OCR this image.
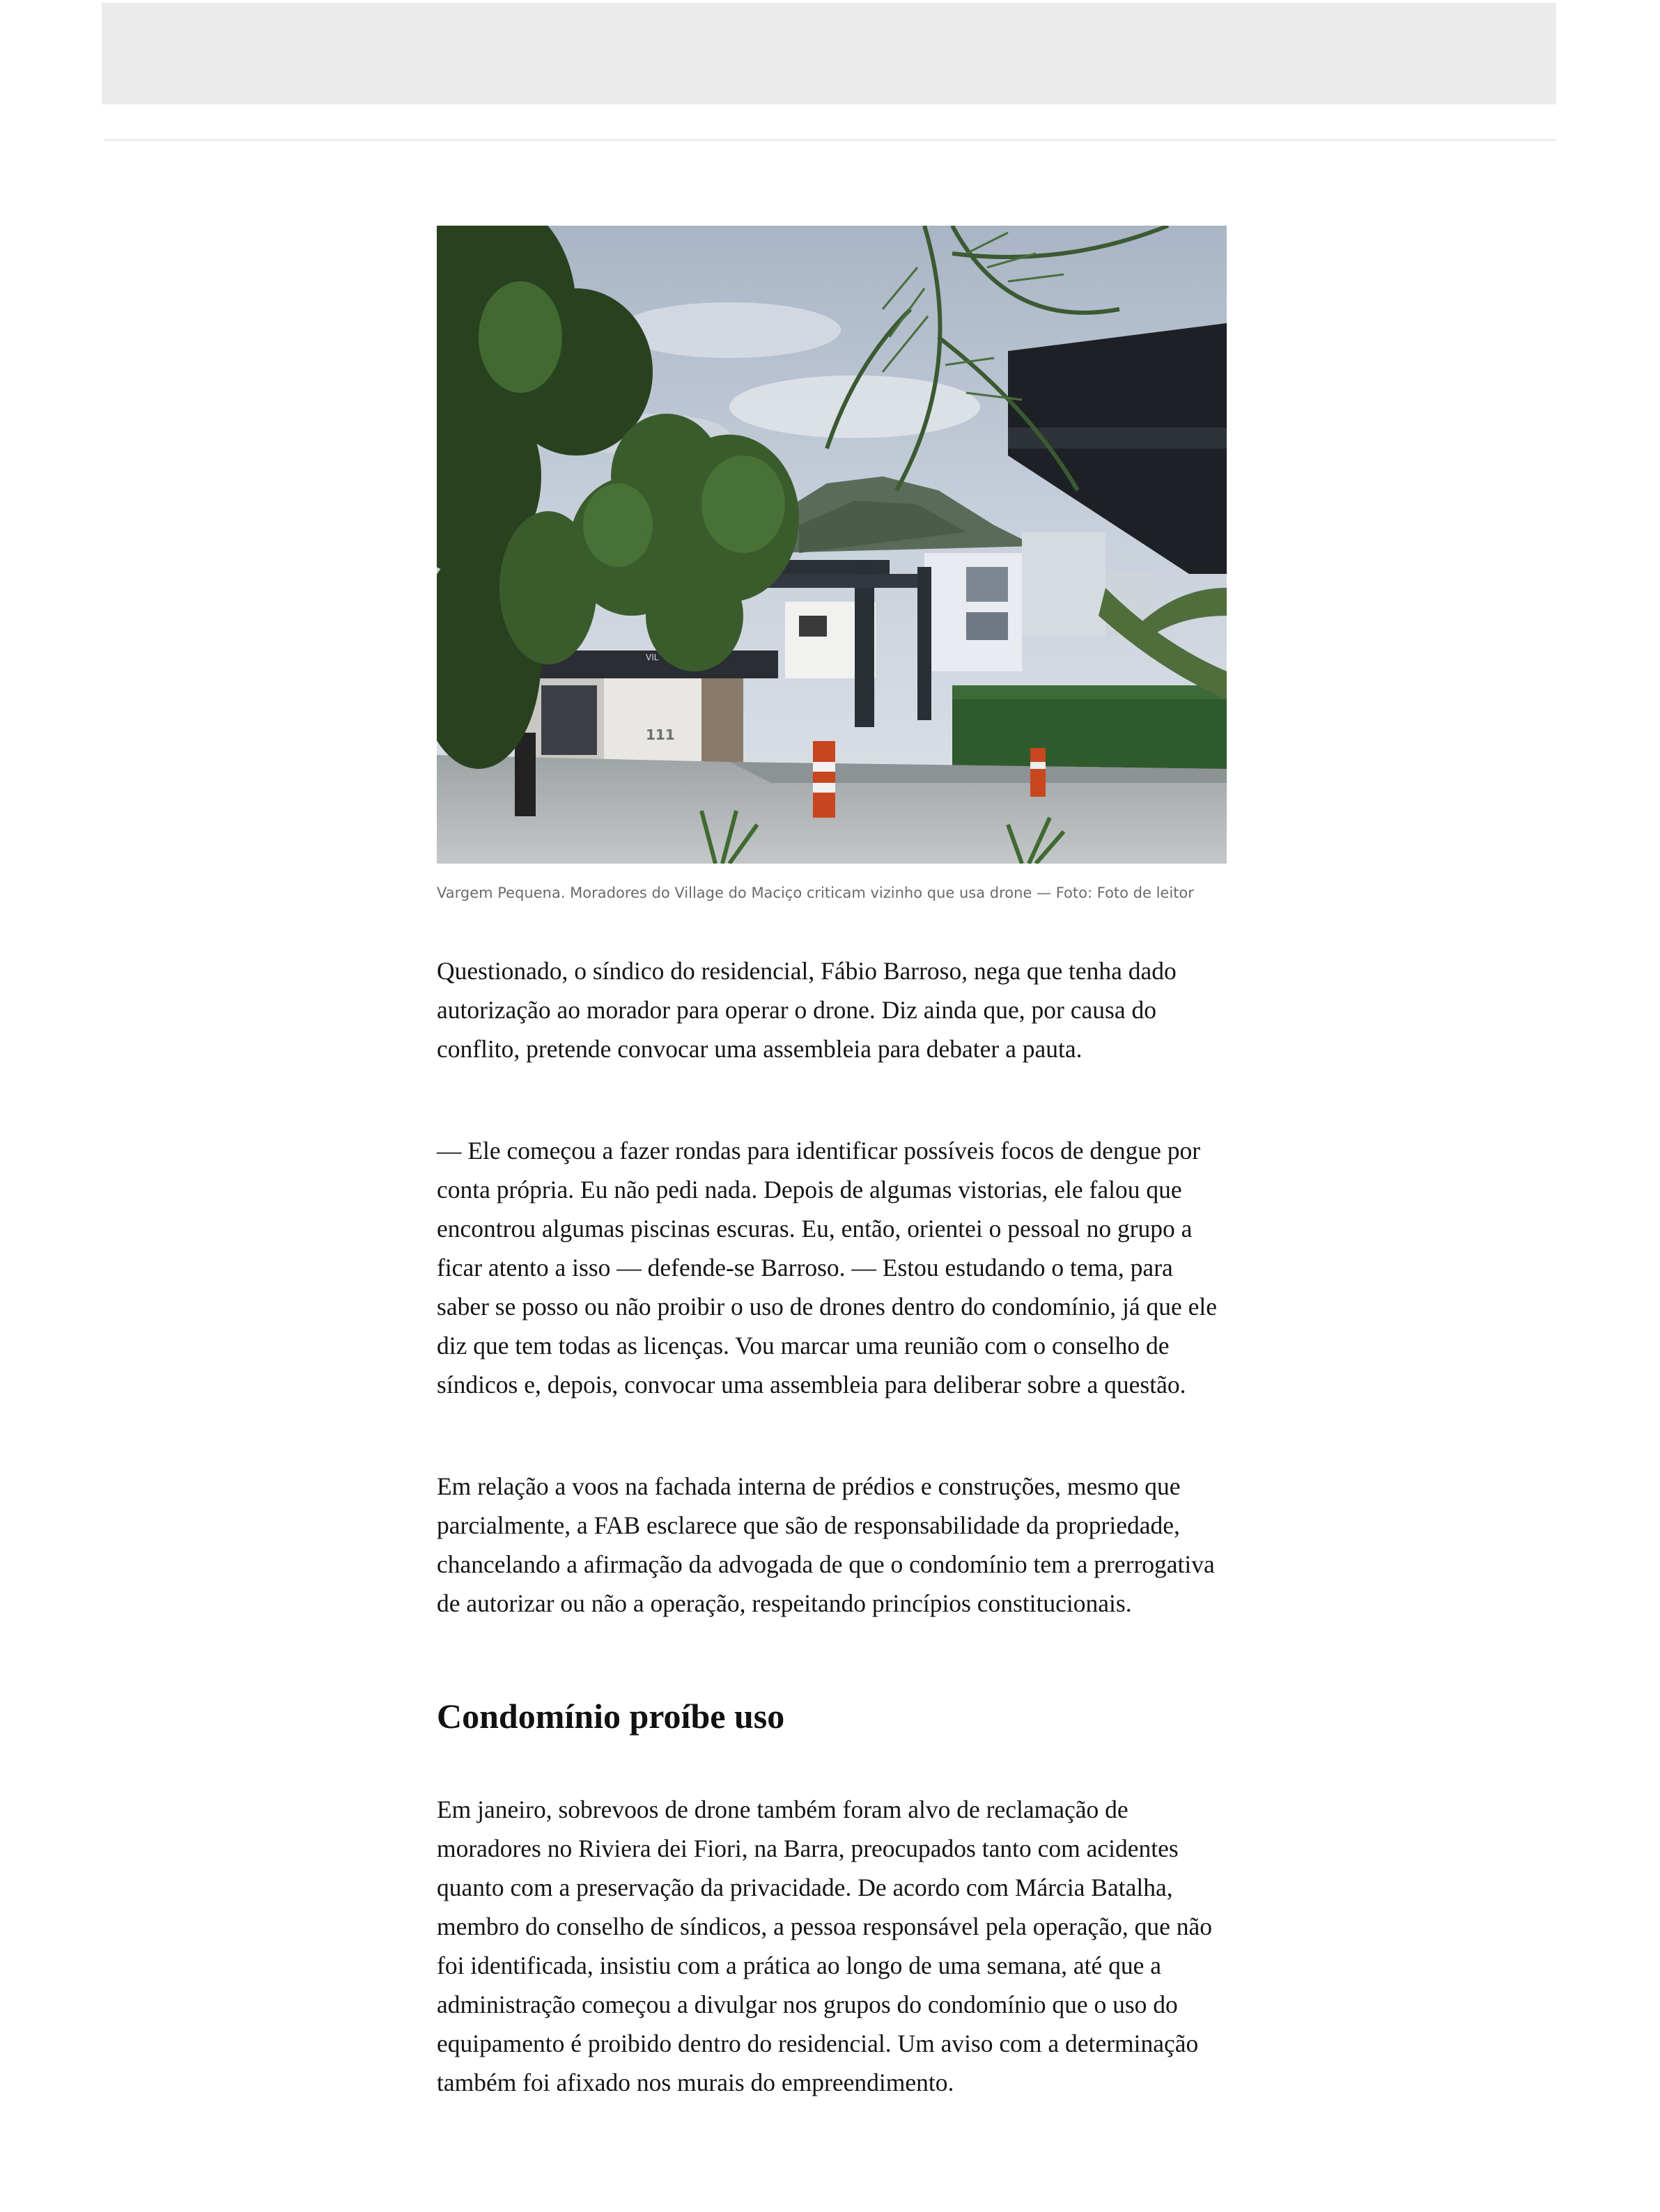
111
VIL
Vargem Pequena. Moradores do Village do Maciço criticam vizinho que usa drone — Foto: Foto de leitor

Questionado, o síndico do residencial, Fábio Barroso, nega que tenha dado autorização ao morador para operar o drone. Diz ainda que, por causa do conflito, pretende convocar uma assembleia para debater a pauta.

— Ele começou a fazer rondas para identificar possíveis focos de dengue por conta própria. Eu não pedi nada. Depois de algumas vistorias, ele falou que encontrou algumas piscinas escuras. Eu, então, orientei o pessoal no grupo a ficar atento a isso — defende-se Barroso. — Estou estudando o tema, para saber se posso ou não proibir o uso de drones dentro do condomínio, já que ele diz que tem todas as licenças. Vou marcar uma reunião com o conselho de síndicos e, depois, convocar uma assembleia para deliberar sobre a questão.

Em relação a voos na fachada interna de prédios e construções, mesmo que parcialmente, a FAB esclarece que são de responsabilidade da propriedade, chancelando a afirmação da advogada de que o condomínio tem a prerrogativa de autorizar ou não a operação, respeitando princípios constitucionais.

Condomínio proíbe uso

Em janeiro, sobrevoos de drone também foram alvo de reclamação de moradores no Riviera dei Fiori, na Barra, preocupados tanto com acidentes quanto com a preservação da privacidade. De acordo com Márcia Batalha, membro do conselho de síndicos, a pessoa responsável pela operação, que não foi identificada, insistiu com a prática ao longo de uma semana, até que a administração começou a divulgar nos grupos do condomínio que o uso do equipamento é proibido dentro do residencial. Um aviso com a determinação também foi afixado nos murais do empreendimento.
